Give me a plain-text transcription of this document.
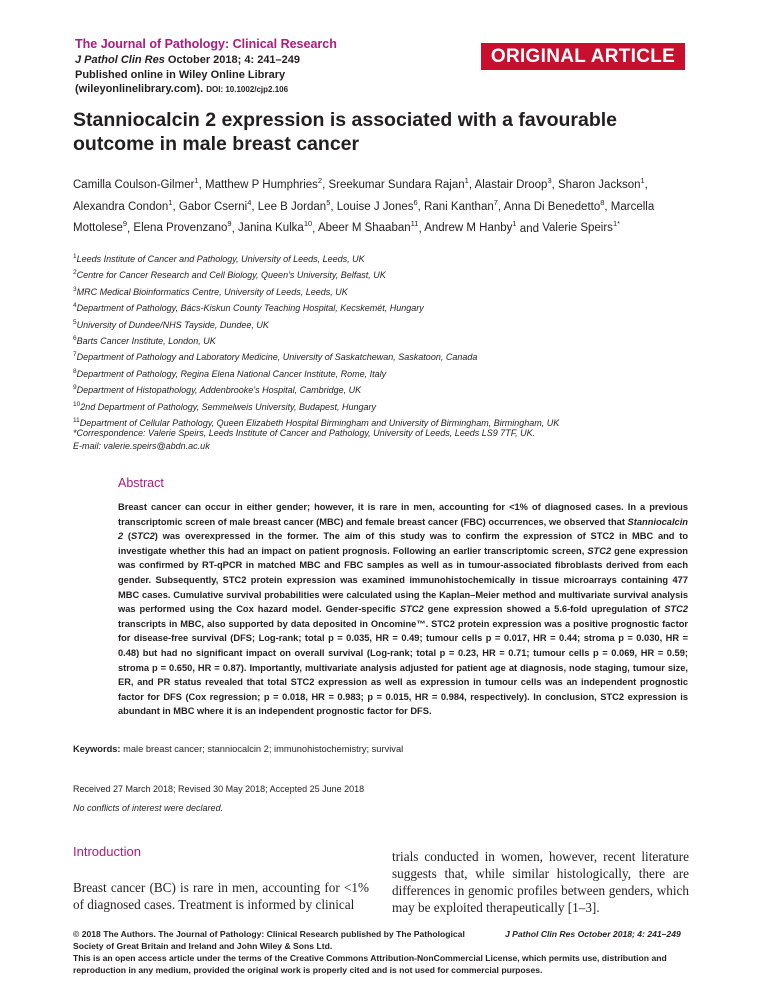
The Journal of Pathology: Clinical Research
J Pathol Clin Res October 2018; 4: 241–249
Published online in Wiley Online Library
(wileyonlinelibrary.com). DOI: 10.1002/cjp2.106
ORIGINAL ARTICLE
Stanniocalcin 2 expression is associated with a favourable
outcome in male breast cancer
Camilla Coulson-Gilmer$^1$, Matthew P Humphries$^2$, Sreekumar Sundara Rajan$^1$, Alastair Droop$^3$, Sharon Jackson$^1$, Alexandra Condon$^1$, Gabor Cserni$^4$, Lee B Jordan$^5$, Louise J Jones$^6$, Rani Kanthan$^7$, Anna Di Benedetto$^8$, Marcella Mottolese$^9$, Elena Provenzano$^9$, Janina Kulka$^{10}$, Abeer M Shaaban$^{11}$, Andrew M Hanby$^1$ and Valerie Speirs$^{1*}$
$^1$Leeds Institute of Cancer and Pathology, University of Leeds, Leeds, UK
$^2$Centre for Cancer Research and Cell Biology, Queen’s University, Belfast, UK
$^3$MRC Medical Bioinformatics Centre, University of Leeds, Leeds, UK
$^4$Department of Pathology, Bács-Kiskun County Teaching Hospital, Kecskemét, Hungary
$^5$University of Dundee/NHS Tayside, Dundee, UK
$^6$Barts Cancer Institute, London, UK
$^7$Department of Pathology and Laboratory Medicine, University of Saskatchewan, Saskatoon, Canada
$^8$Department of Pathology, Regina Elena National Cancer Institute, Rome, Italy
$^9$Department of Histopathology, Addenbrooke’s Hospital, Cambridge, UK
$^{10}$2nd Department of Pathology, Semmelweis University, Budapest, Hungary
$^{11}$Department of Cellular Pathology, Queen Elizabeth Hospital Birmingham and University of Birmingham, Birmingham, UK
*Correspondence: Valerie Speirs, Leeds Institute of Cancer and Pathology, University of Leeds, Leeds LS9 7TF, UK.
E-mail: valerie.speirs@abdn.ac.uk
Abstract
Breast cancer can occur in either gender; however, it is rare in men, accounting for <1% of diagnosed cases. In a previous transcriptomic screen of male breast cancer (MBC) and female breast cancer (FBC) occurrences, we observed that Stanniocalcin 2 (STC2) was overexpressed in the former. The aim of this study was to confirm the expression of STC2 in MBC and to investigate whether this had an impact on patient prognosis. Following an earlier transcriptomic screen, STC2 gene expression was confirmed by RT-qPCR in matched MBC and FBC samples as well as in tumour-associated fibroblasts derived from each gender. Subsequently, STC2 protein expression was examined immunohistochemically in tissue microarrays containing 477 MBC cases. Cumulative survival probabilities were calculated using the Kaplan–Meier method and multivariate survival analysis was performed using the Cox hazard model. Gender-specific STC2 gene expression showed a 5.6-fold upregulation of STC2 transcripts in MBC, also supported by data deposited in Oncomine™. STC2 protein expression was a positive prognostic factor for disease-free survival (DFS; Log-rank; total p = 0.035, HR = 0.49; tumour cells p = 0.017, HR = 0.44; stroma p = 0.030, HR = 0.48) but had no significant impact on overall survival (Log-rank; total p = 0.23, HR = 0.71; tumour cells p = 0.069, HR = 0.59; stroma p = 0.650, HR = 0.87). Importantly, multivariate analysis adjusted for patient age at diagnosis, node staging, tumour size, ER, and PR status revealed that total STC2 expression as well as expression in tumour cells was an independent prognostic factor for DFS (Cox regression; p = 0.018, HR = 0.983; p = 0.015, HR = 0.984, respectively). In conclusion, STC2 expression is abundant in MBC where it is an independent prognostic factor for DFS.
Keywords: male breast cancer; stanniocalcin 2; immunohistochemistry; survival
Received 27 March 2018; Revised 30 May 2018; Accepted 25 June 2018
No conflicts of interest were declared.
Introduction
Breast cancer (BC) is rare in men, accounting for <1% of diagnosed cases. Treatment is informed by clinical
trials conducted in women, however, recent literature suggests that, while similar histologically, there are differences in genomic profiles between genders, which may be exploited therapeutically [1–3].
© 2018 The Authors. The Journal of Pathology: Clinical Research published by The Pathological Society of Great Britain and Ireland and John Wiley & Sons Ltd.
J Pathol Clin Res October 2018; 4: 241–249
This is an open access article under the terms of the Creative Commons Attribution-NonCommercial License, which permits use, distribution and reproduction in any medium, provided the original work is properly cited and is not used for commercial purposes.
